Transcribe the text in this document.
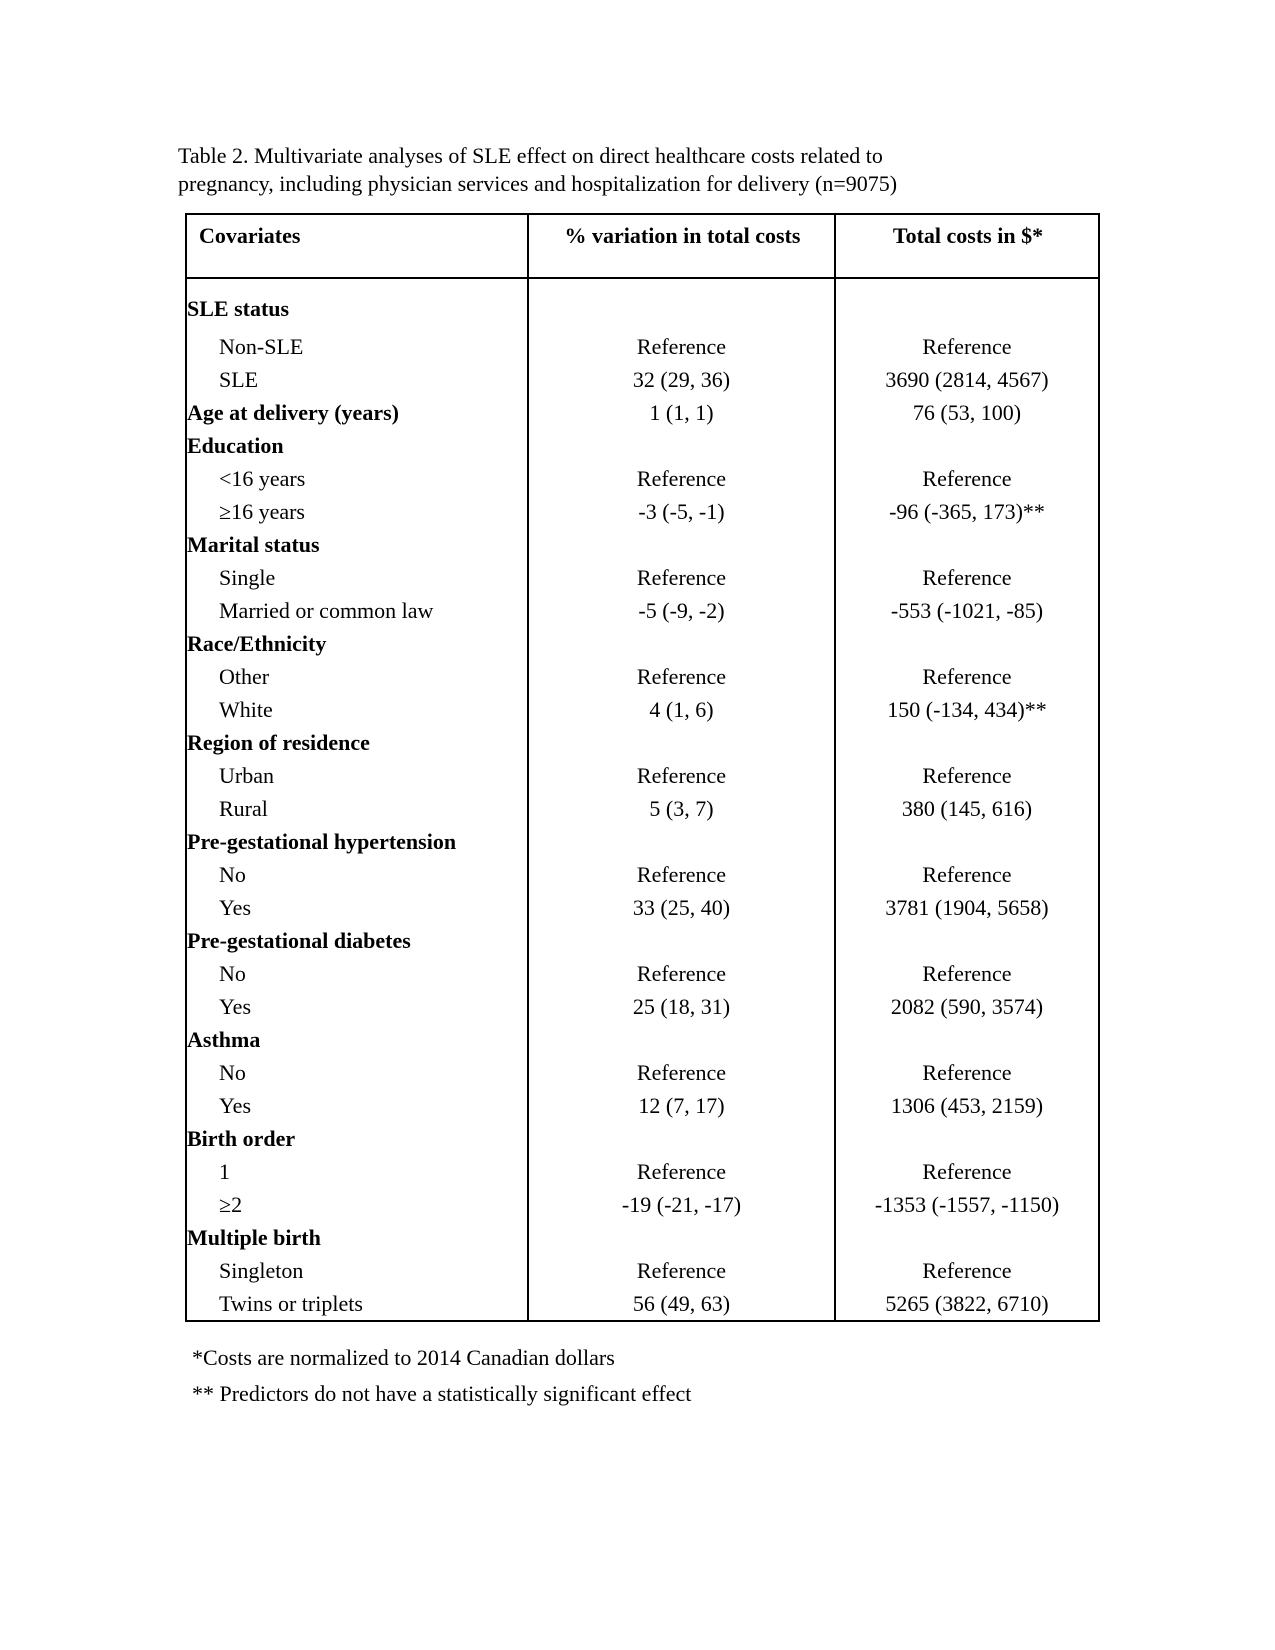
Table 2. Multivariate analyses of SLE effect on direct healthcare costs related to pregnancy, including physician services and hospitalization for delivery (n=9075)
Covariates	% variation in total costs	Total costs in $*
SLE status		
Non-SLE	Reference	Reference
SLE	32 (29, 36)	3690 (2814, 4567)
Age at delivery (years)	1 (1, 1)	76 (53, 100)
Education		
<16 years	Reference	Reference
≥16 years	-3 (-5, -1)	-96 (-365, 173)**
Marital status		
Single	Reference	Reference
Married or common law	-5 (-9, -2)	-553 (-1021, -85)
Race/Ethnicity		
Other	Reference	Reference
White	4 (1, 6)	150 (-134, 434)**
Region of residence		
Urban	Reference	Reference
Rural	5 (3, 7)	380 (145, 616)
Pre-gestational hypertension		
No	Reference	Reference
Yes	33 (25, 40)	3781 (1904, 5658)
Pre-gestational diabetes		
No	Reference	Reference
Yes	25 (18, 31)	2082 (590, 3574)
Asthma		
No	Reference	Reference
Yes	12 (7, 17)	1306 (453, 2159)
Birth order		
1	Reference	Reference
≥2	-19 (-21, -17)	-1353 (-1557, -1150)
Multiple birth		
Singleton	Reference	Reference
Twins or triplets	56 (49, 63)	5265 (3822, 6710)
*Costs are normalized to 2014 Canadian dollars
** Predictors do not have a statistically significant effect
